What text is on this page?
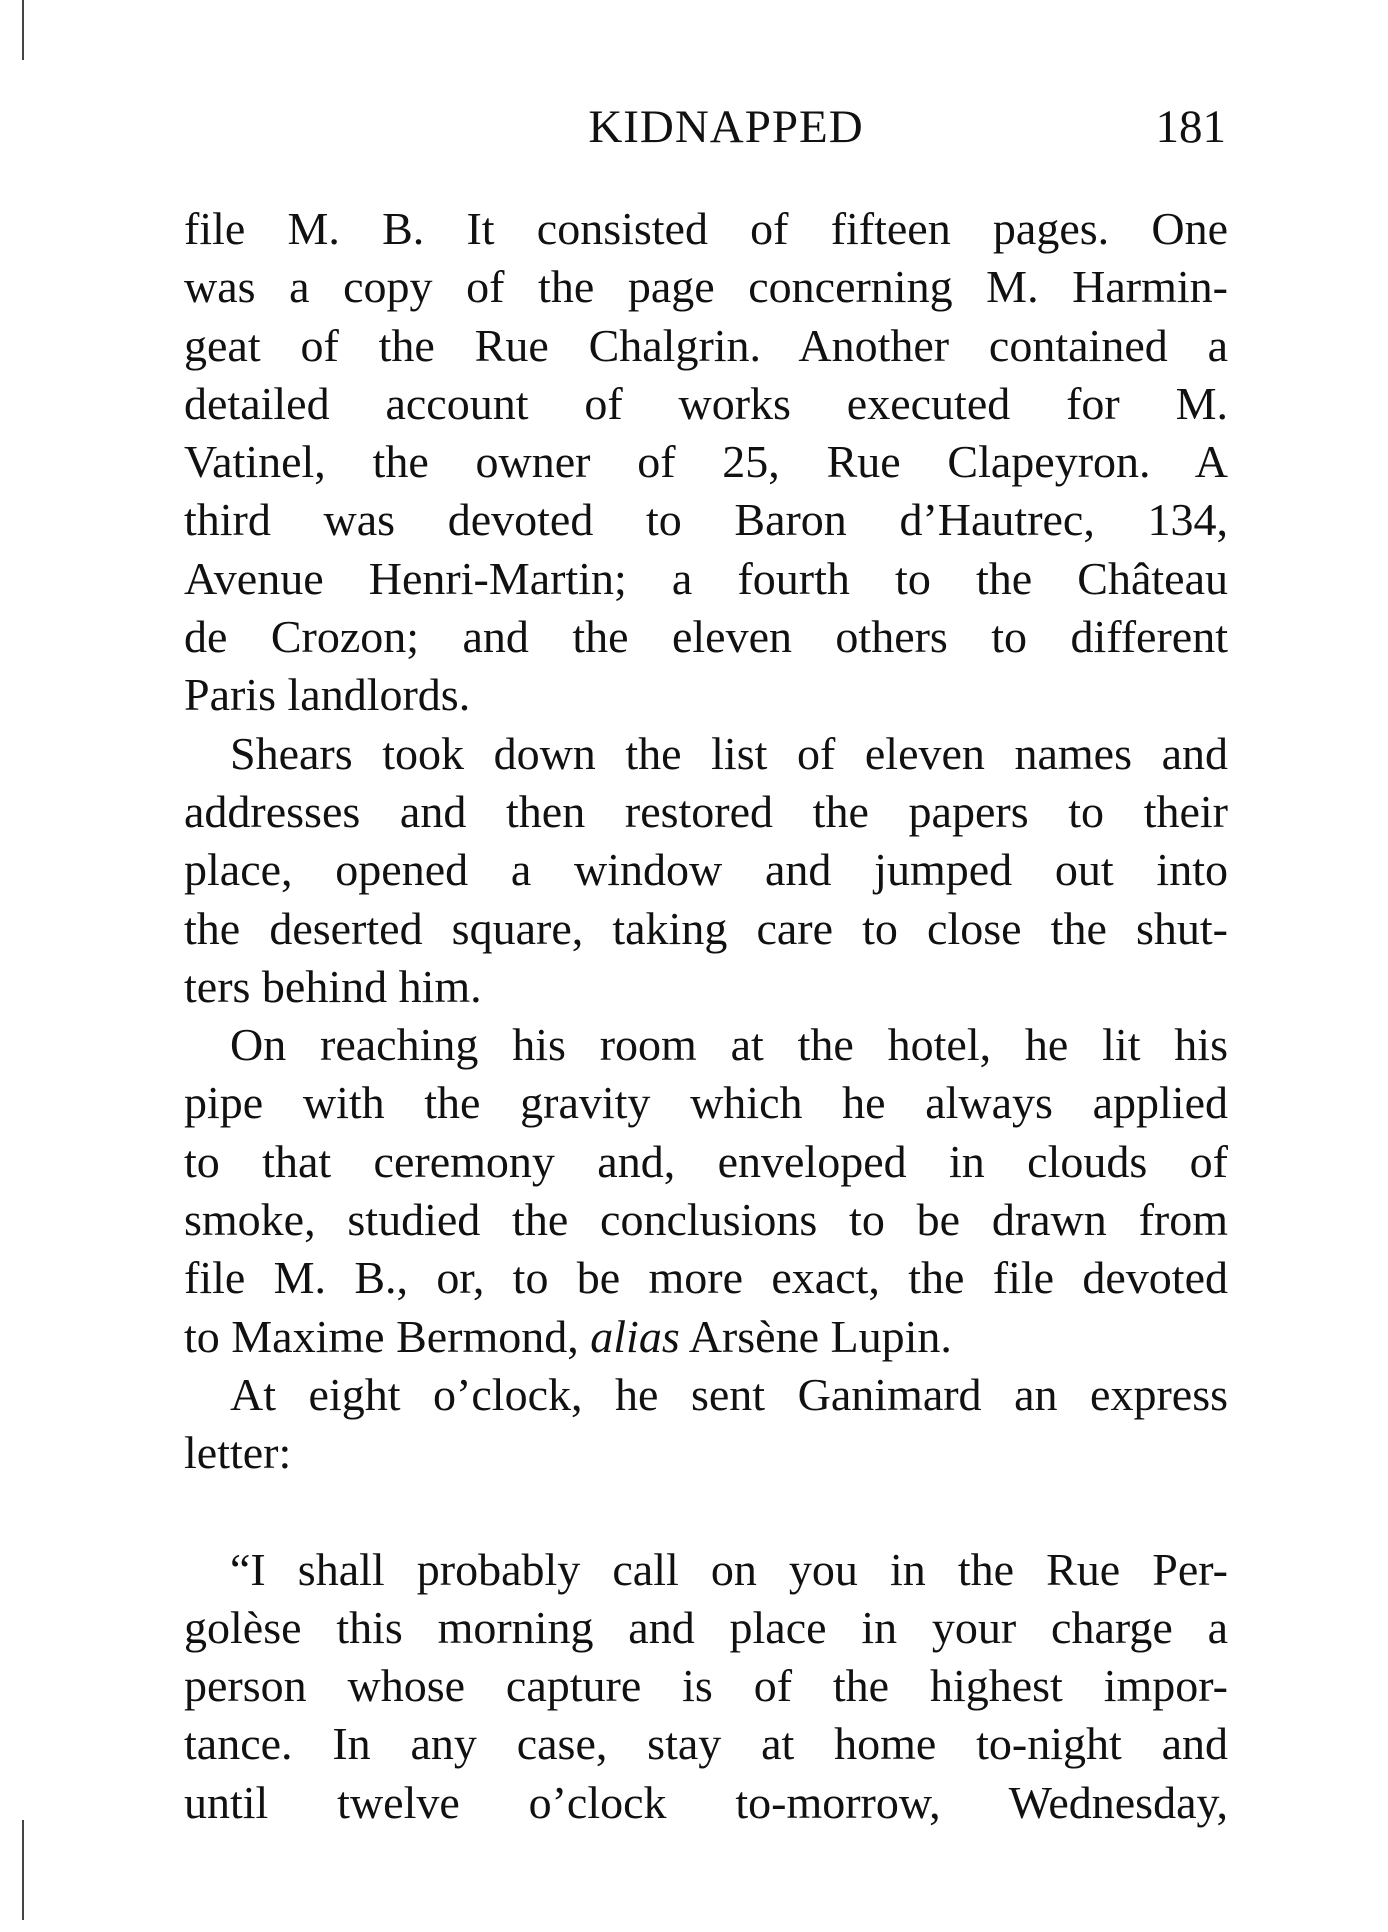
KIDNAPPED	181
file M. B. It consisted of fifteen pages. One
was a copy of the page concerning M. Harmin-
geat of the Rue Chalgrin. Another contained a
detailed account of works executed for M.
Vatinel, the owner of 25, Rue Clapeyron. A
third was devoted to Baron d’Hautrec, 134,
Avenue Henri-Martin; a fourth to the Château
de Crozon; and the eleven others to different
Paris landlords.
Shears took down the list of eleven names and
addresses and then restored the papers to their
place, opened a window and jumped out into
the deserted square, taking care to close the shut-
ters behind him.
On reaching his room at the hotel, he lit his
pipe with the gravity which he always applied
to that ceremony and, enveloped in clouds of
smoke, studied the conclusions to be drawn from
file M. B., or, to be more exact, the file devoted
to Maxime Bermond, alias Arsène Lupin.
At eight o’clock, he sent Ganimard an express
letter:
“I shall probably call on you in the Rue Per-
golèse this morning and place in your charge a
person whose capture is of the highest impor-
tance. In any case, stay at home to-night and
until twelve o’clock to-morrow, Wednesday,
